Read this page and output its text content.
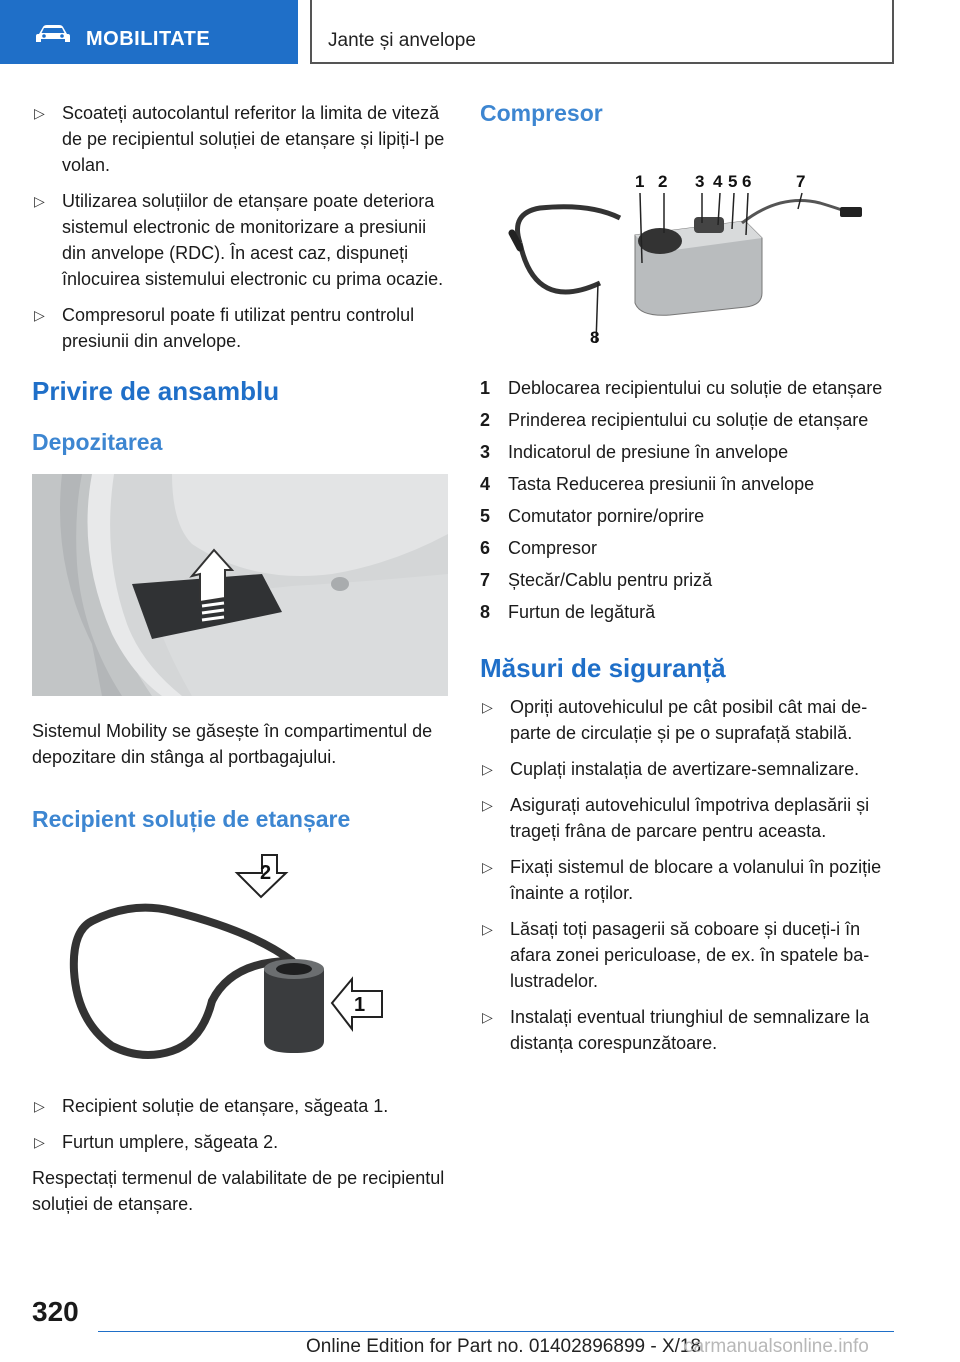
MOBILITATE	Jante și anvelope
▷ Scoateți autocolantul referitor la limita de viteză de pe recipientul soluției de etanșare și lipiți-l pe volan.
▷ Utilizarea soluțiilor de etanșare poate deteriora sistemul electronic de monitorizare a presiunii din anvelope (RDC). În acest caz, dispuneți înlocuirea sistemului electronic cu prima ocazie.
▷ Compresorul poate fi utilizat pentru controlul presiunii din anvelope.
Privire de ansamblu
Depozitarea
Sistemul Mobility se găsește în compartimentul de depozitare din stânga al portbagajului.
Recipient soluție de etanșare
2
1
▷ Recipient soluție de etanșare, săgeata 1.
▷ Furtun umplere, săgeata 2.
Respectați termenul de valabilitate de pe recipientul soluției de etanșare.
Compresor
1 2 3 4 5 6	7
8
1 Deblocarea recipientului cu soluție de etanșare
2 Prinderea recipientului cu soluție de etanșare
3 Indicatorul de presiune în anvelope
4 Tasta Reducerea presiunii în anvelope
5 Comutator pornire/oprire
6 Compresor
7 Ștecăr/Cablu pentru priză
8 Furtun de legătură
Măsuri de siguranță
▷ Opriți autovehiculul pe cât posibil cât mai departe de circulație și pe o suprafață stabilă.
▷ Cuplați instalația de avertizare-semnalizare.
▷ Asigurați autovehiculul împotriva deplasării și trageți frâna de parcare pentru aceasta.
▷ Fixați sistemul de blocare a volanului în poziție înainte a roților.
▷ Lăsați toți pasagerii să coboare și duceți-i în afara zonei periculoase, de ex. în spatele balustradelor.
▷ Instalați eventual triunghiul de semnalizare la distanța corespunzătoare.
320
Online Edition for Part no. 01402896899 - X/18
carmanualsonline.info
